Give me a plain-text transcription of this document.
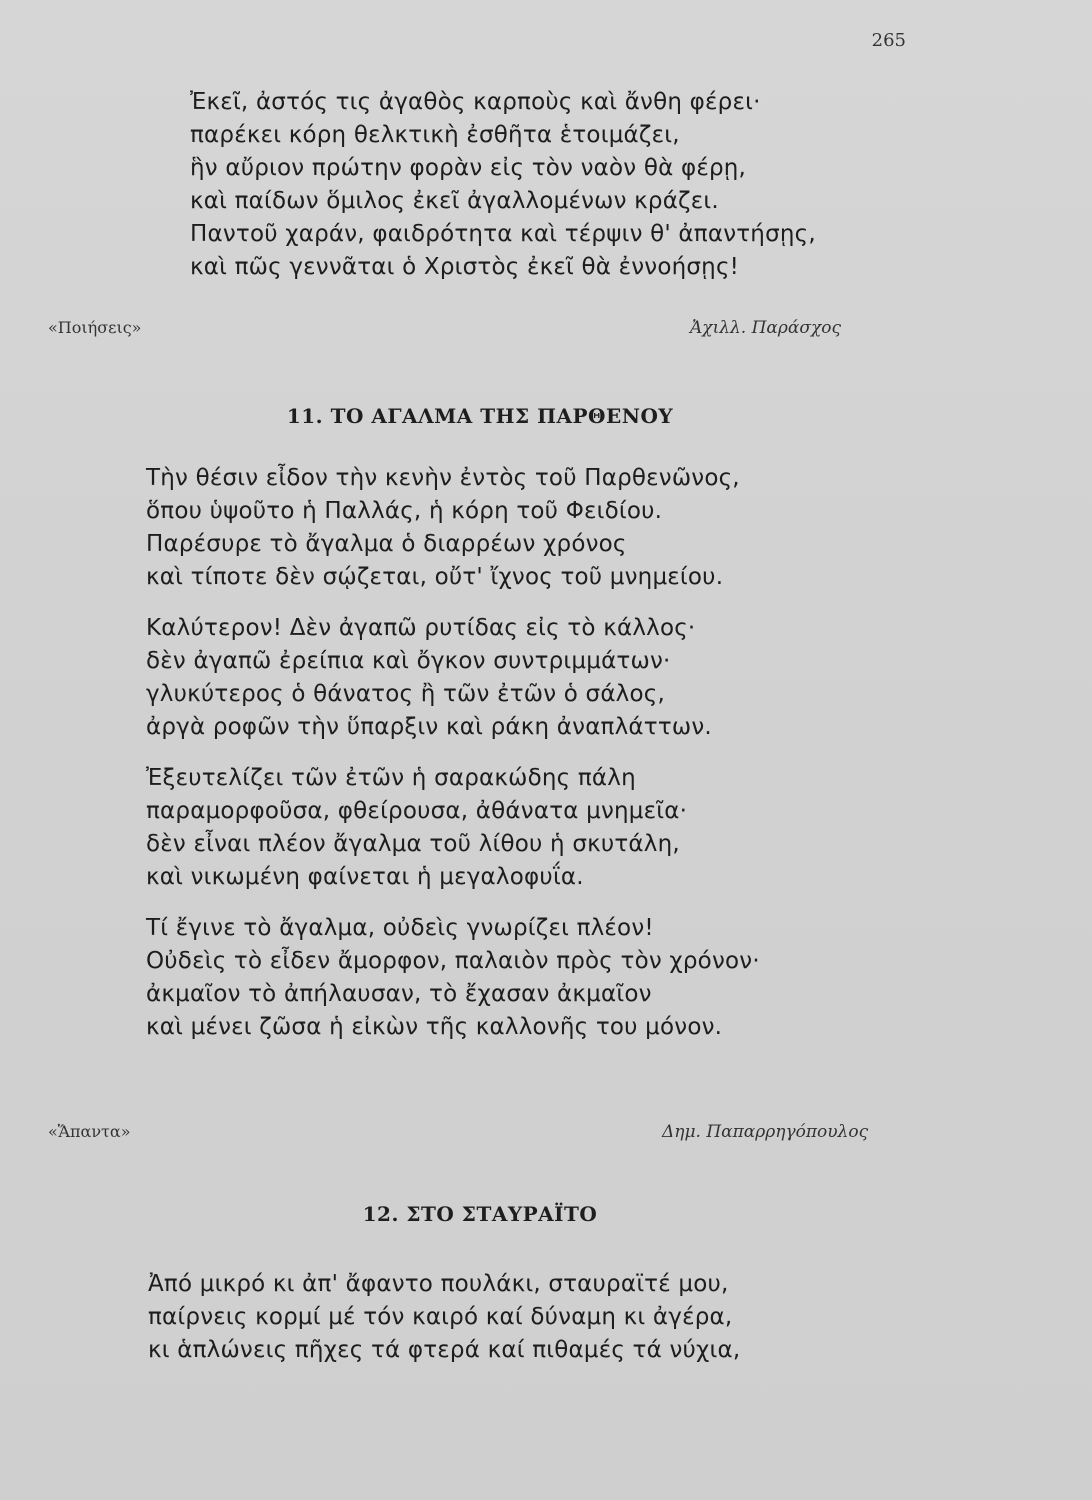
265
Ἐκεῖ, ἀστός τις ἀγαθὸς καρποὺς καὶ ἄνθη φέρει·
παρέκει κόρη θελκτικὴ ἐσθῆτα ἑτοιμάζει,
ἣν αὔριον πρώτην φορὰν εἰς τὸν ναὸν θὰ φέρῃ,
καὶ παίδων ὅμιλος ἐκεῖ ἀγαλλομένων κράζει.
Παντοῦ χαράν, φαιδρότητα καὶ τέρψιν θ' ἀπαντήσῃς,
καὶ πῶς γεννᾶται ὁ Χριστὸς ἐκεῖ θὰ ἐννοήσῃς!
«Ποιήσεις»	Ἀχιλλ. Παράσχος
11. ΤΟ ΑΓΑΛΜΑ ΤΗΣ ΠΑΡΘΕΝΟΥ
Τὴν θέσιν εἶδον τὴν κενὴν ἐντὸς τοῦ Παρθενῶνος,
ὅπου ὑψοῦτο ἡ Παλλάς, ἡ κόρη τοῦ Φειδίου.
Παρέσυρε τὸ ἄγαλμα ὁ διαρρέων χρόνος
καὶ τίποτε δὲν σῴζεται, οὔτ' ἴχνος τοῦ μνημείου.
Καλύτερον! Δὲν ἀγαπῶ ρυτίδας εἰς τὸ κάλλος·
δὲν ἀγαπῶ ἐρείπια καὶ ὄγκον συντριμμάτων·
γλυκύτερος ὁ θάνατος ἢ τῶν ἐτῶν ὁ σάλος,
ἀργὰ ροφῶν τὴν ὕπαρξιν καὶ ράκη ἀναπλάττων.
Ἐξευτελίζει τῶν ἐτῶν ἡ σαρακώδης πάλη
παραμορφοῦσα, φθείρουσα, ἀθάνατα μνημεῖα·
δὲν εἶναι πλέον ἄγαλμα τοῦ λίθου ἡ σκυτάλη,
καὶ νικωμένη φαίνεται ἡ μεγαλοφυΐα.
Τί ἔγινε τὸ ἄγαλμα, οὐδεὶς γνωρίζει πλέον!
Οὐδεὶς τὸ εἶδεν ἄμορφον, παλαιὸν πρὸς τὸν χρόνον·
ἀκμαῖον τὸ ἀπήλαυσαν, τὸ ἔχασαν ἀκμαῖον
καὶ μένει ζῶσα ἡ εἰκὼν τῆς καλλονῆς του μόνον.
«Ἅπαντα»	Δημ. Παπαρρηγόπουλος
12. ΣΤΟ ΣΤΑΥΡΑΪΤΟ
Ἀπό μικρό κι ἀπ' ἄφαντο πουλάκι, σταυραϊτέ μου,
παίρνεις κορμί μέ τόν καιρό καί δύναμη κι ἀγέρα,
κι ἁπλώνεις πῆχες τά φτερά καί πιθαμές τά νύχια,
